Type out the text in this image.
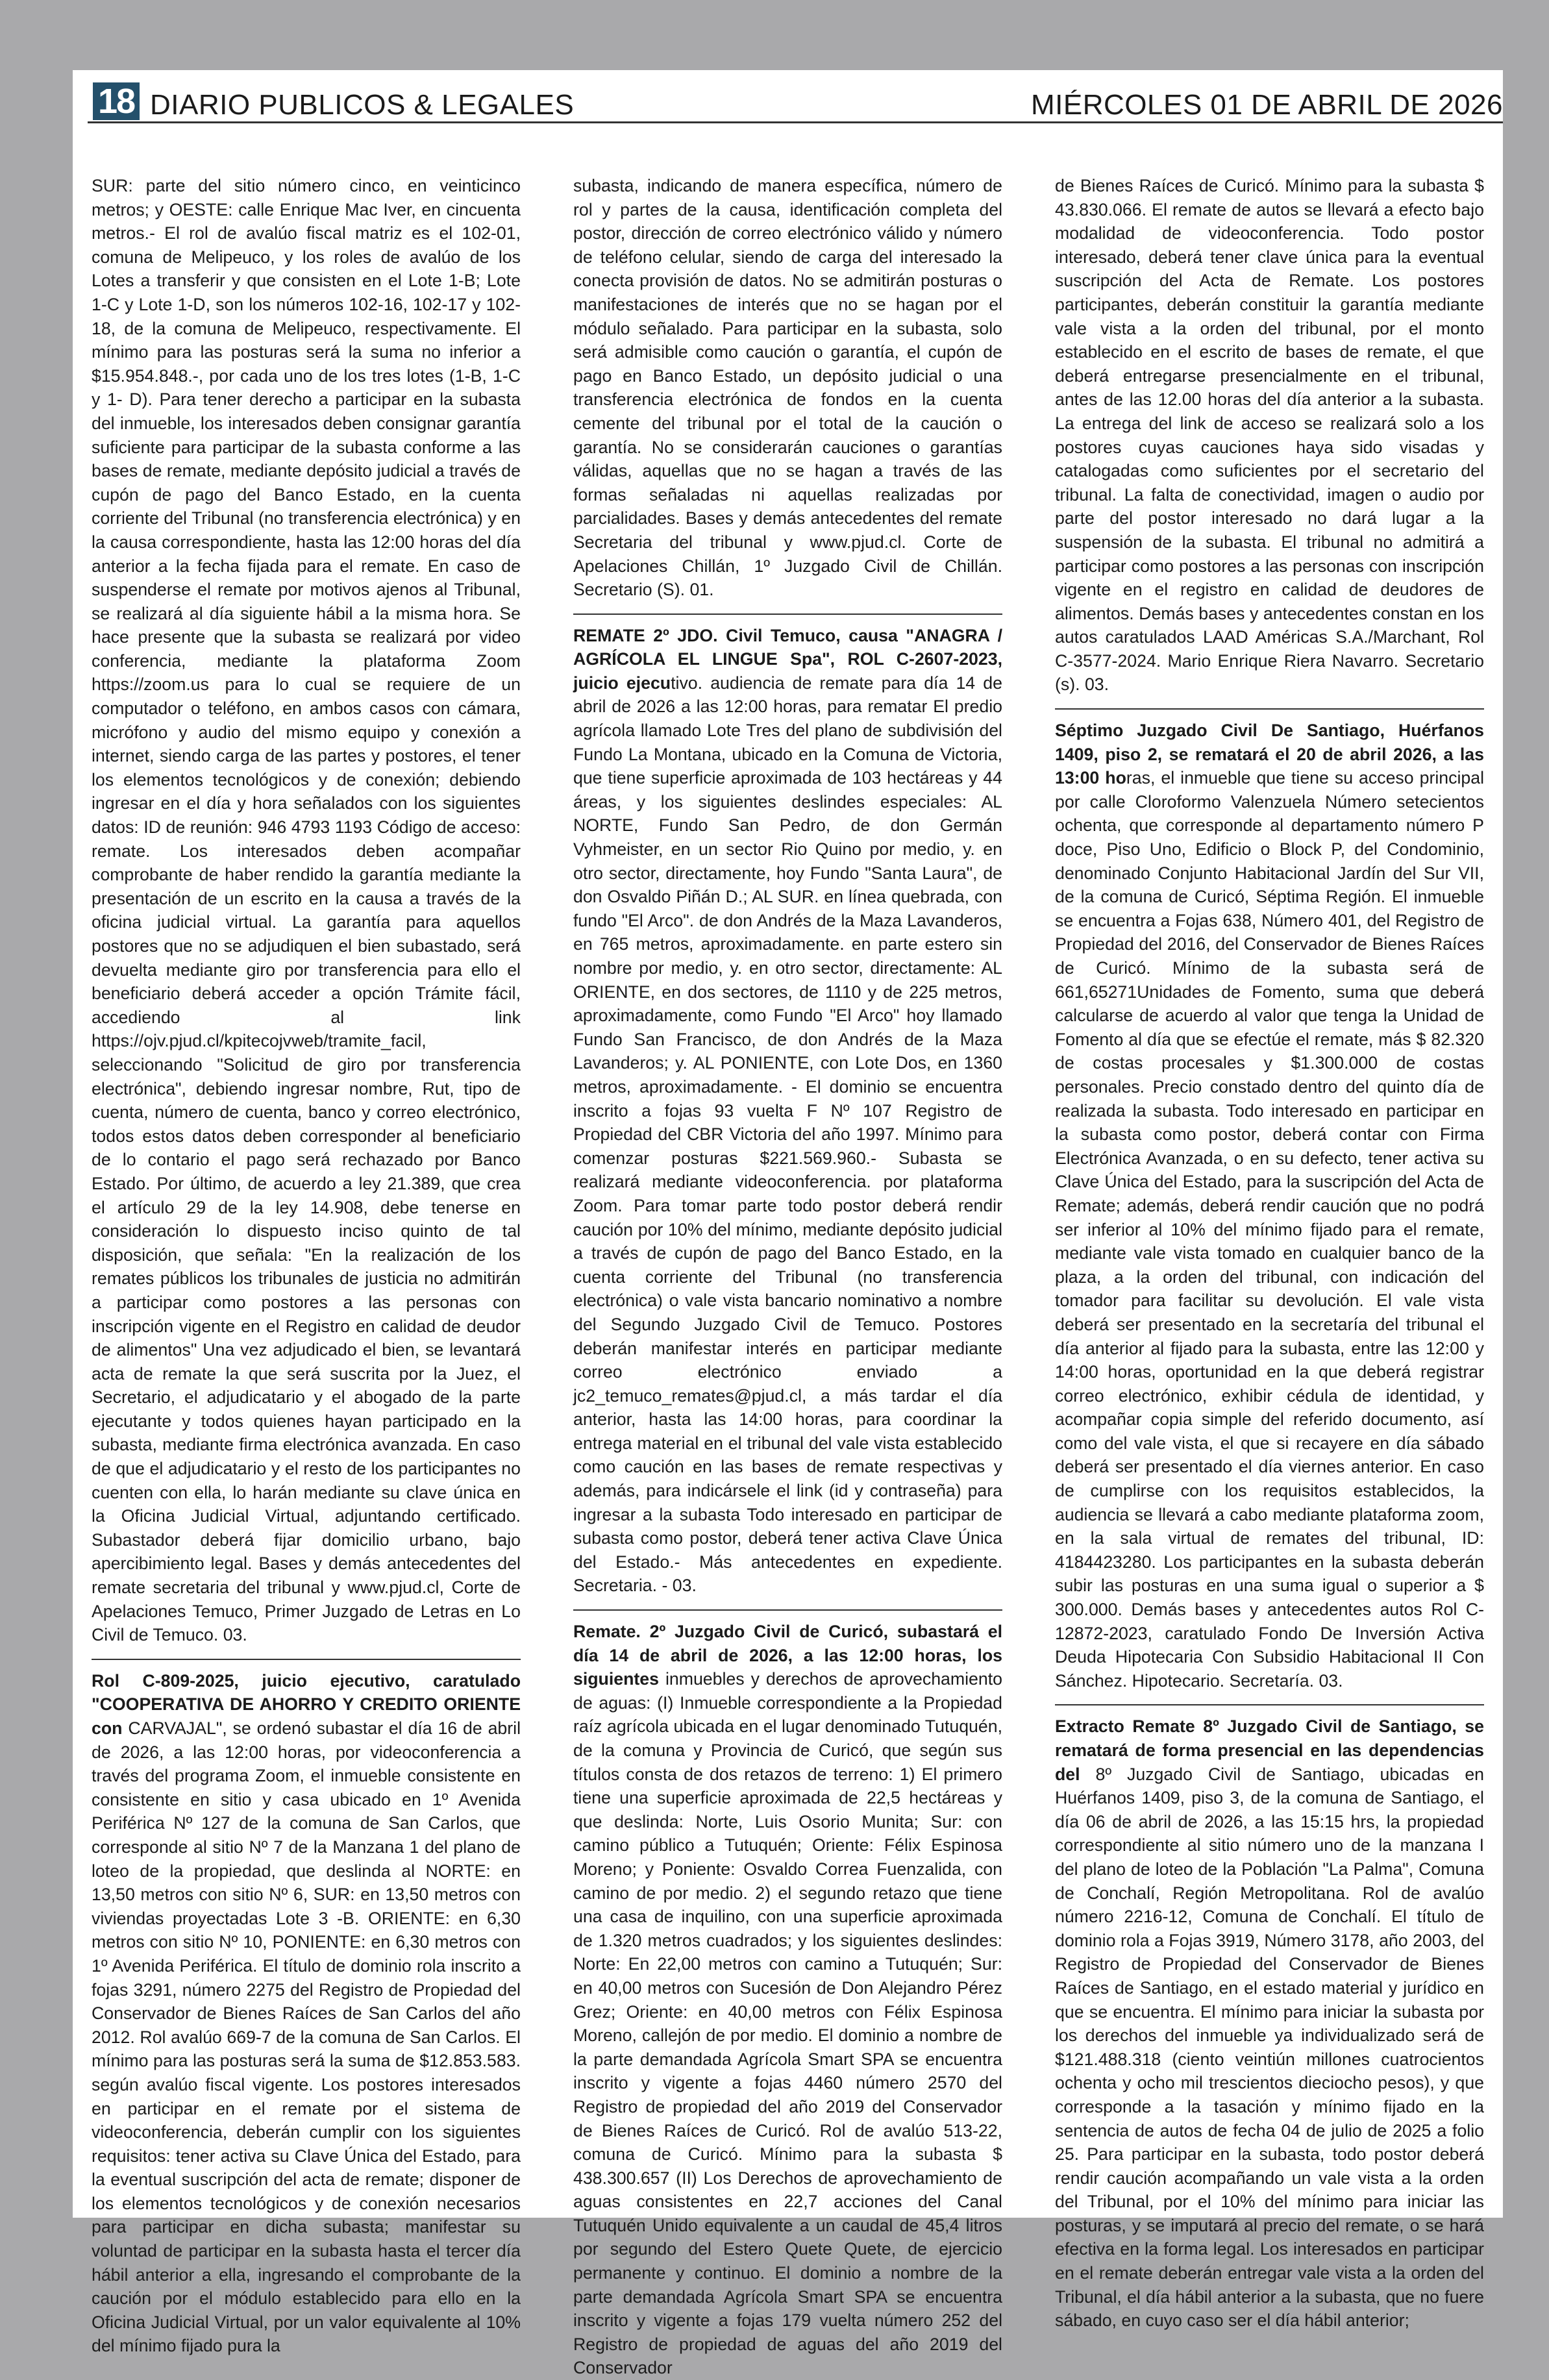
18 DIARIO PUBLICOS & LEGALES	MIÉRCOLES 01 DE ABRIL DE 2026

SUR: parte del sitio número cinco, en veinticinco metros; y OESTE: calle Enrique Mac Iver, en cincuenta metros.- El rol de avalúo fiscal matriz es el 102-01, comuna de Melipeuco, y los roles de avalúo de los Lotes a transferir y que consisten en el Lote 1-B; Lote 1-C y Lote 1-D, son los números 102-16, 102-17 y 102-18, de la comuna de Melipeuco, respectivamente. El mínimo para las posturas será la suma no inferior a $15.954.848.-, por cada uno de los tres lotes (1-B, 1-C y 1- D). Para tener derecho a participar en la subasta del inmueble, los interesados deben consignar garantía suficiente para participar de la subasta conforme a las bases de remate, mediante depósito judicial a través de cupón de pago del Banco Estado, en la cuenta corriente del Tribunal (no transferencia electrónica) y en la causa correspondiente, hasta las 12:00 horas del día anterior a la fecha fijada para el remate. En caso de suspenderse el remate por motivos ajenos al Tribunal, se realizará al día siguiente hábil a la misma hora. Se hace presente que la subasta se realizará por video conferencia, mediante la plataforma Zoom https://zoom.us para lo cual se requiere de un computador o teléfono, en ambos casos con cámara, micrófono y audio del mismo equipo y conexión a internet, siendo carga de las partes y postores, el tener los elementos tecnológicos y de conexión; debiendo ingresar en el día y hora señalados con los siguientes datos: ID de reunión: 946 4793 1193 Código de acceso: remate. Los interesados deben acompañar comprobante de haber rendido la garantía mediante la presentación de un escrito en la causa a través de la oficina judicial virtual. La garantía para aquellos postores que no se adjudiquen el bien subastado, será devuelta mediante giro por transferencia para ello el beneficiario deberá acceder a opción Trámite fácil, accediendo al link https://ojv.pjud.cl/kpitecojvweb/tramite_facil, seleccionando "Solicitud de giro por transferencia electrónica", debiendo ingresar nombre, Rut, tipo de cuenta, número de cuenta, banco y correo electrónico, todos estos datos deben corresponder al beneficiario de lo contario el pago será rechazado por Banco Estado. Por último, de acuerdo a ley 21.389, que crea el artículo 29 de la ley 14.908, debe tenerse en consideración lo dispuesto inciso quinto de tal disposición, que señala: "En la realización de los remates públicos los tribunales de justicia no admitirán a participar como postores a las personas con inscripción vigente en el Registro en calidad de deudor de alimentos" Una vez adjudicado el bien, se levantará acta de remate la que será suscrita por la Juez, el Secretario, el adjudicatario y el abogado de la parte ejecutante y todos quienes hayan participado en la subasta, mediante firma electrónica avanzada. En caso de que el adjudicatario y el resto de los participantes no cuenten con ella, lo harán mediante su clave única en la Oficina Judicial Virtual, adjuntando certificado. Subastador deberá fijar domicilio urbano, bajo apercibimiento legal. Bases y demás antecedentes del remate secretaria del tribunal y www.pjud.cl, Corte de Apelaciones Temuco, Primer Juzgado de Letras en Lo Civil de Temuco. 03.

Rol C-809-2025, juicio ejecutivo, caratulado "COOPERATIVA DE AHORRO Y CREDITO ORIENTE con CARVAJAL", se ordenó subastar el día 16 de abril de 2026, a las 12:00 horas, por videoconferencia a través del programa Zoom, el inmueble consistente en consistente en sitio y casa ubicado en 1º Avenida Periférica Nº 127 de la comuna de San Carlos, que corresponde al sitio Nº 7 de la Manzana 1 del plano de loteo de la propiedad, que deslinda al NORTE: en 13,50 metros con sitio Nº 6, SUR: en 13,50 metros con viviendas proyectadas Lote 3 -B. ORIENTE: en 6,30 metros con sitio Nº 10, PONIENTE: en 6,30 metros con 1º Avenida Periférica. El título de dominio rola inscrito a fojas 3291, número 2275 del Registro de Propiedad del Conservador de Bienes Raíces de San Carlos del año 2012. Rol avalúo 669-7 de la comuna de San Carlos. El mínimo para las posturas será la suma de $12.853.583. según avalúo fiscal vigente. Los postores interesados en participar en el remate por el sistema de videoconferencia, deberán cumplir con los siguientes requisitos: tener activa su Clave Única del Estado, para la eventual suscripción del acta de remate; disponer de los elementos tecnológicos y de conexión necesarios para participar en dicha subasta; manifestar su voluntad de participar en la subasta hasta el tercer día hábil anterior a ella, ingresando el comprobante de la caución por el módulo establecido para ello en la Oficina Judicial Virtual, por un valor equivalente al 10% del mínimo fijado pura la

subasta, indicando de manera específica, número de rol y partes de la causa, identificación completa del postor, dirección de correo electrónico válido y número de teléfono celular, siendo de carga del interesado la conecta provisión de datos. No se admitirán posturas o manifestaciones de interés que no se hagan por el módulo señalado. Para participar en la subasta, solo será admisible como caución o garantía, el cupón de pago en Banco Estado, un depósito judicial o una transferencia electrónica de fondos en la cuenta cemente del tribunal por el total de la caución o garantía. No se considerarán cauciones o garantías válidas, aquellas que no se hagan a través de las formas señaladas ni aquellas realizadas por parcialidades. Bases y demás antecedentes del remate Secretaria del tribunal y www.pjud.cl. Corte de Apelaciones Chillán, 1º Juzgado Civil de Chillán. Secretario (S). 01.

REMATE 2º JDO. Civil Temuco, causa "ANAGRA / AGRÍCOLA EL LINGUE Spa", ROL C-2607-2023, juicio ejecutivo. audiencia de remate para día 14 de abril de 2026 a las 12:00 horas, para rematar El predio agrícola llamado Lote Tres del plano de subdivisión del Fundo La Montana, ubicado en la Comuna de Victoria, que tiene superficie aproximada de 103 hectáreas y 44 áreas, y los siguientes deslindes especiales: AL NORTE, Fundo San Pedro, de don Germán Vyhmeister, en un sector Rio Quino por medio, y. en otro sector, directamente, hoy Fundo "Santa Laura", de don Osvaldo Piñán D.; AL SUR. en línea quebrada, con fundo "El Arco". de don Andrés de la Maza Lavanderos, en 765 metros, aproximadamente. en parte estero sin nombre por medio, y. en otro sector, directamente: AL ORIENTE, en dos sectores, de 1110 y de 225 metros, aproximadamente, como Fundo "El Arco" hoy llamado Fundo San Francisco, de don Andrés de la Maza Lavanderos; y. AL PONIENTE, con Lote Dos, en 1360 metros, aproximadamente. - El dominio se encuentra inscrito a fojas 93 vuelta F Nº 107 Registro de Propiedad del CBR Victoria del año 1997. Mínimo para comenzar posturas $221.569.960.- Subasta se realizará mediante videoconferencia. por plataforma Zoom. Para tomar parte todo postor deberá rendir caución por 10% del mínimo, mediante depósito judicial a través de cupón de pago del Banco Estado, en la cuenta corriente del Tribunal (no transferencia electrónica) o vale vista bancario nominativo a nombre del Segundo Juzgado Civil de Temuco. Postores deberán manifestar interés en participar mediante correo electrónico enviado a jc2_temuco_remates@pjud.cl, a más tardar el día anterior, hasta las 14:00 horas, para coordinar la entrega material en el tribunal del vale vista establecido como caución en las bases de remate respectivas y además, para indicársele el link (id y contraseña) para ingresar a la subasta Todo interesado en participar de subasta como postor, deberá tener activa Clave Única del Estado.- Más antecedentes en expediente. Secretaria. - 03.

Remate. 2º Juzgado Civil de Curicó, subastará el día 14 de abril de 2026, a las 12:00 horas, los siguientes inmuebles y derechos de aprovechamiento de aguas: (I) Inmueble correspondiente a la Propiedad raíz agrícola ubicada en el lugar denominado Tutuquén, de la comuna y Provincia de Curicó, que según sus títulos consta de dos retazos de terreno: 1) El primero tiene una superficie aproximada de 22,5 hectáreas y que deslinda: Norte, Luis Osorio Munita; Sur: con camino público a Tutuquén; Oriente: Félix Espinosa Moreno; y Poniente: Osvaldo Correa Fuenzalida, con camino de por medio. 2) el segundo retazo que tiene una casa de inquilino, con una superficie aproximada de 1.320 metros cuadrados; y los siguientes deslindes: Norte: En 22,00 metros con camino a Tutuquén; Sur: en 40,00 metros con Sucesión de Don Alejandro Pérez Grez; Oriente: en 40,00 metros con Félix Espinosa Moreno, callejón de por medio. El dominio a nombre de la parte demandada Agrícola Smart SPA se encuentra inscrito y vigente a fojas 4460 número 2570 del Registro de propiedad del año 2019 del Conservador de Bienes Raíces de Curicó. Rol de avalúo 513-22, comuna de Curicó. Mínimo para la subasta $ 438.300.657 (II) Los Derechos de aprovechamiento de aguas consistentes en 22,7 acciones del Canal Tutuquén Unido equivalente a un caudal de 45,4 litros por segundo del Estero Quete Quete, de ejercicio permanente y continuo. El dominio a nombre de la parte demandada Agrícola Smart SPA se encuentra inscrito y vigente a fojas 179 vuelta número 252 del Registro de propiedad de aguas del año 2019 del Conservador

de Bienes Raíces de Curicó. Mínimo para la subasta $ 43.830.066. El remate de autos se llevará a efecto bajo modalidad de videoconferencia. Todo postor interesado, deberá tener clave única para la eventual suscripción del Acta de Remate. Los postores participantes, deberán constituir la garantía mediante vale vista a la orden del tribunal, por el monto establecido en el escrito de bases de remate, el que deberá entregarse presencialmente en el tribunal, antes de las 12.00 horas del día anterior a la subasta. La entrega del link de acceso se realizará solo a los postores cuyas cauciones haya sido visadas y catalogadas como suficientes por el secretario del tribunal. La falta de conectividad, imagen o audio por parte del postor interesado no dará lugar a la suspensión de la subasta. El tribunal no admitirá a participar como postores a las personas con inscripción vigente en el registro en calidad de deudores de alimentos. Demás bases y antecedentes constan en los autos caratulados LAAD Américas S.A./Marchant, Rol C-3577-2024. Mario Enrique Riera Navarro. Secretario (s). 03.

Séptimo Juzgado Civil De Santiago, Huérfanos 1409, piso 2, se rematará el 20 de abril 2026, a las 13:00 horas, el inmueble que tiene su acceso principal por calle Cloroformo Valenzuela Número setecientos ochenta, que corresponde al departamento número P doce, Piso Uno, Edificio o Block P, del Condominio, denominado Conjunto Habitacional Jardín del Sur VII, de la comuna de Curicó, Séptima Región. El inmueble se encuentra a Fojas 638, Número 401, del Registro de Propiedad del 2016, del Conservador de Bienes Raíces de Curicó. Mínimo de la subasta será de 661,65271Unidades de Fomento, suma que deberá calcularse de acuerdo al valor que tenga la Unidad de Fomento al día que se efectúe el remate, más $ 82.320 de costas procesales y $1.300.000 de costas personales. Precio constado dentro del quinto día de realizada la subasta. Todo interesado en participar en la subasta como postor, deberá contar con Firma Electrónica Avanzada, o en su defecto, tener activa su Clave Única del Estado, para la suscripción del Acta de Remate; además, deberá rendir caución que no podrá ser inferior al 10% del mínimo fijado para el remate, mediante vale vista tomado en cualquier banco de la plaza, a la orden del tribunal, con indicación del tomador para facilitar su devolución. El vale vista deberá ser presentado en la secretaría del tribunal el día anterior al fijado para la subasta, entre las 12:00 y 14:00 horas, oportunidad en la que deberá registrar correo electrónico, exhibir cédula de identidad, y acompañar copia simple del referido documento, así como del vale vista, el que si recayere en día sábado deberá ser presentado el día viernes anterior. En caso de cumplirse con los requisitos establecidos, la audiencia se llevará a cabo mediante plataforma zoom, en la sala virtual de remates del tribunal, ID: 4184423280. Los participantes en la subasta deberán subir las posturas en una suma igual o superior a $ 300.000. Demás bases y antecedentes autos Rol C-12872-2023, caratulado Fondo De Inversión Activa Deuda Hipotecaria Con Subsidio Habitacional II Con Sánchez. Hipotecario. Secretaría. 03.

Extracto Remate 8º Juzgado Civil de Santiago, se rematará de forma presencial en las dependencias del 8º Juzgado Civil de Santiago, ubicadas en Huérfanos 1409, piso 3, de la comuna de Santiago, el día 06 de abril de 2026, a las 15:15 hrs, la propiedad correspondiente al sitio número uno de la manzana I del plano de loteo de la Población "La Palma", Comuna de Conchalí, Región Metropolitana. Rol de avalúo número 2216-12, Comuna de Conchalí. El título de dominio rola a Fojas 3919, Número 3178, año 2003, del Registro de Propiedad del Conservador de Bienes Raíces de Santiago, en el estado material y jurídico en que se encuentra. El mínimo para iniciar la subasta por los derechos del inmueble ya individualizado será de $121.488.318 (ciento veintiún millones cuatrocientos ochenta y ocho mil trescientos dieciocho pesos), y que corresponde a la tasación y mínimo fijado en la sentencia de autos de fecha 04 de julio de 2025 a folio 25. Para participar en la subasta, todo postor deberá rendir caución acompañando un vale vista a la orden del Tribunal, por el 10% del mínimo para iniciar las posturas, y se imputará al precio del remate, o se hará efectiva en la forma legal. Los interesados en participar en el remate deberán entregar vale vista a la orden del Tribunal, el día hábil anterior a la subasta, que no fuere sábado, en cuyo caso ser el día hábil anterior;
